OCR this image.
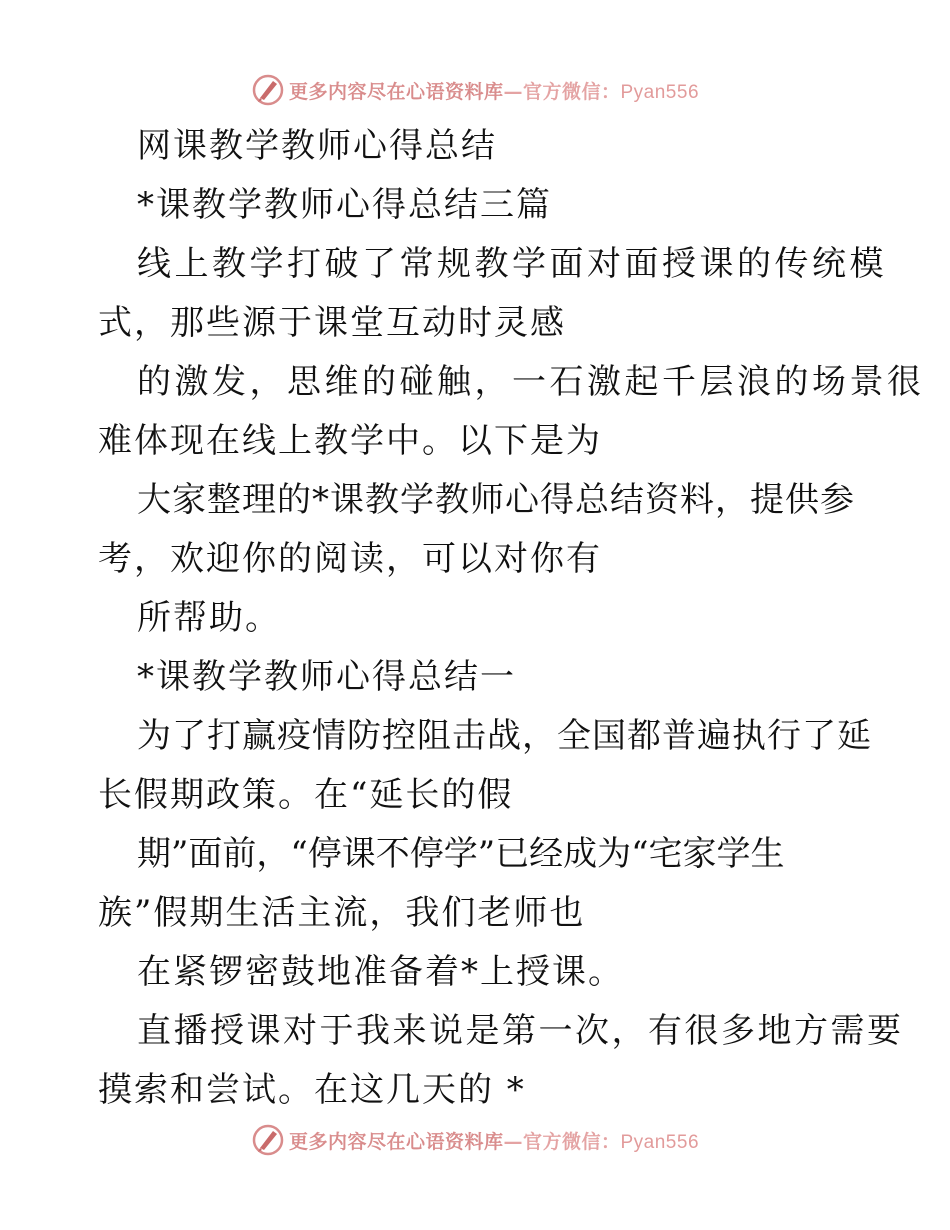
更多内容尽在心语资料库—官方微信：Pyan556
网课教学教师心得总结
*课教学教师心得总结三篇
线上教学打破了常规教学面对面授课的传统模
式，那些源于课堂互动时灵感
的激发，思维的碰触，一石激起千层浪的场景很
难体现在线上教学中。以下是为
大家整理的*课教学教师心得总结资料，提供参
考，欢迎你的阅读，可以对你有
所帮助。
*课教学教师心得总结一
为了打赢疫情防控阻击战，全国都普遍执行了延
长假期政策。在“延长的假
期”面前，“停课不停学”已经成为“宅家学生
族”假期生活主流，我们老师也
在紧锣密鼓地准备着*上授课。
直播授课对于我来说是第一次，有很多地方需要
摸索和尝试。在这几天的 *
更多内容尽在心语资料库—官方微信：Pyan556
